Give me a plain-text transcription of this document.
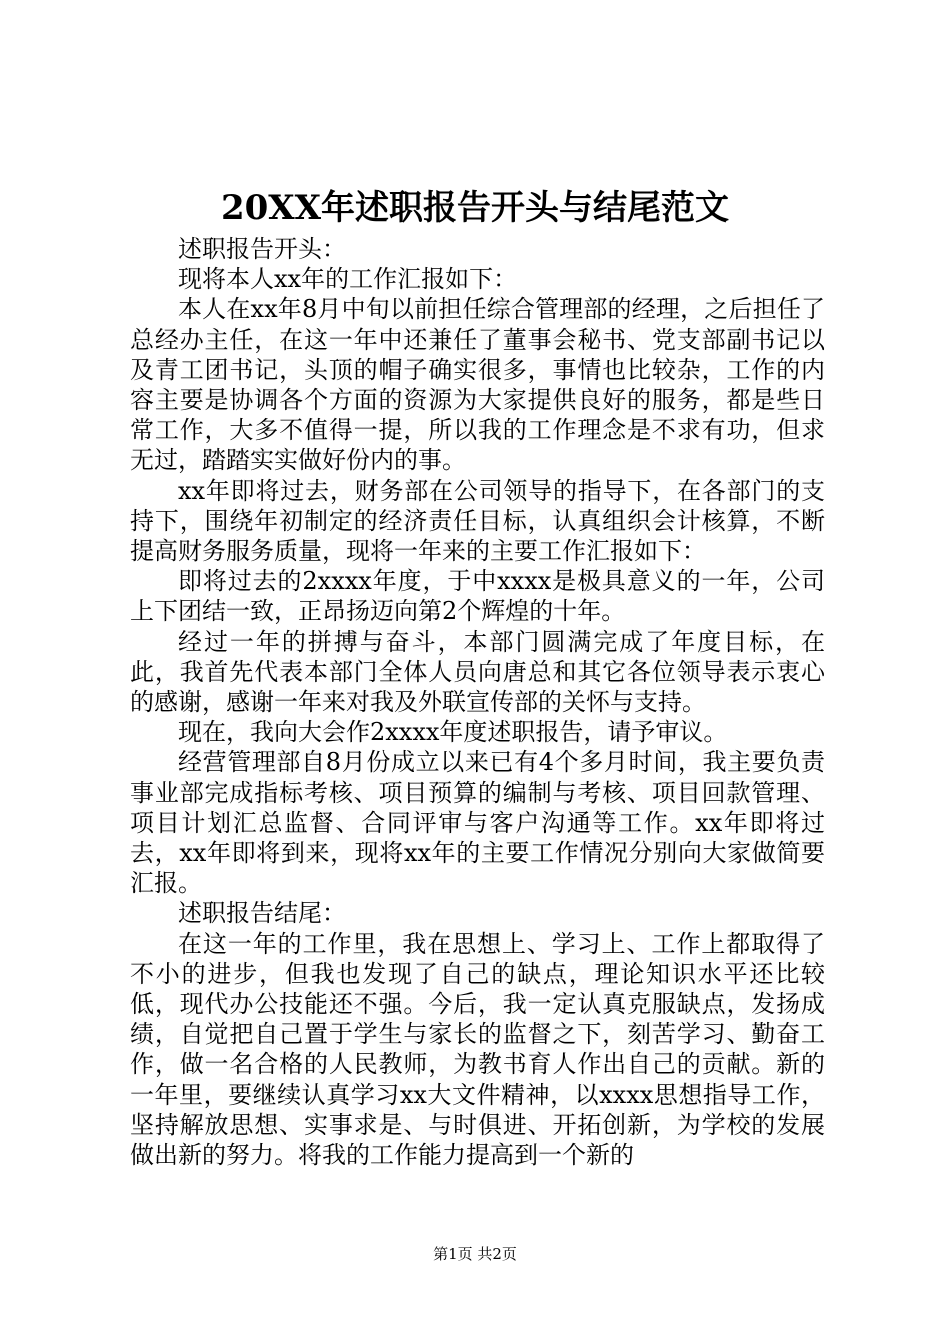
20XX年述职报告开头与结尾范文

述职报告开头：

现将本人xx年的工作汇报如下：

本人在xx年8月中旬以前担任综合管理部的经理，之后担任了总经办主任，在这一年中还兼任了董事会秘书、党支部副书记以及青工团书记，头顶的帽子确实很多，事情也比较杂，工作的内容主要是协调各个方面的资源为大家提供良好的服务，都是些日常工作，大多不值得一提，所以我的工作理念是不求有功，但求无过，踏踏实实做好份内的事。

xx年即将过去，财务部在公司领导的指导下，在各部门的支持下，围绕年初制定的经济责任目标，认真组织会计核算，不断提高财务服务质量，现将一年来的主要工作汇报如下：

即将过去的2xxxx年度，于中xxxx是极具意义的一年，公司上下团结一致，正昂扬迈向第2个辉煌的十年。

经过一年的拼搏与奋斗，本部门圆满完成了年度目标，在此，我首先代表本部门全体人员向唐总和其它各位领导表示衷心的感谢，感谢一年来对我及外联宣传部的关怀与支持。

现在，我向大会作2xxxx年度述职报告，请予审议。

经营管理部自8月份成立以来已有4个多月时间，我主要负责事业部完成指标考核、项目预算的编制与考核、项目回款管理、项目计划汇总监督、合同评审与客户沟通等工作。xx年即将过去，xx年即将到来，现将xx年的主要工作情况分别向大家做简要汇报。

述职报告结尾：

在这一年的工作里，我在思想上、学习上、工作上都取得了不小的进步，但我也发现了自己的缺点，理论知识水平还比较低，现代办公技能还不强。今后，我一定认真克服缺点，发扬成绩，自觉把自己置于学生与家长的监督之下，刻苦学习、勤奋工作，做一名合格的人民教师，为教书育人作出自己的贡献。新的一年里，要继续认真学习xx大文件精神，以xxxx思想指导工作，坚持解放思想、实事求是、与时俱进、开拓创新，为学校的发展做出新的努力。将我的工作能力提高到一个新的

第1页 共2页
